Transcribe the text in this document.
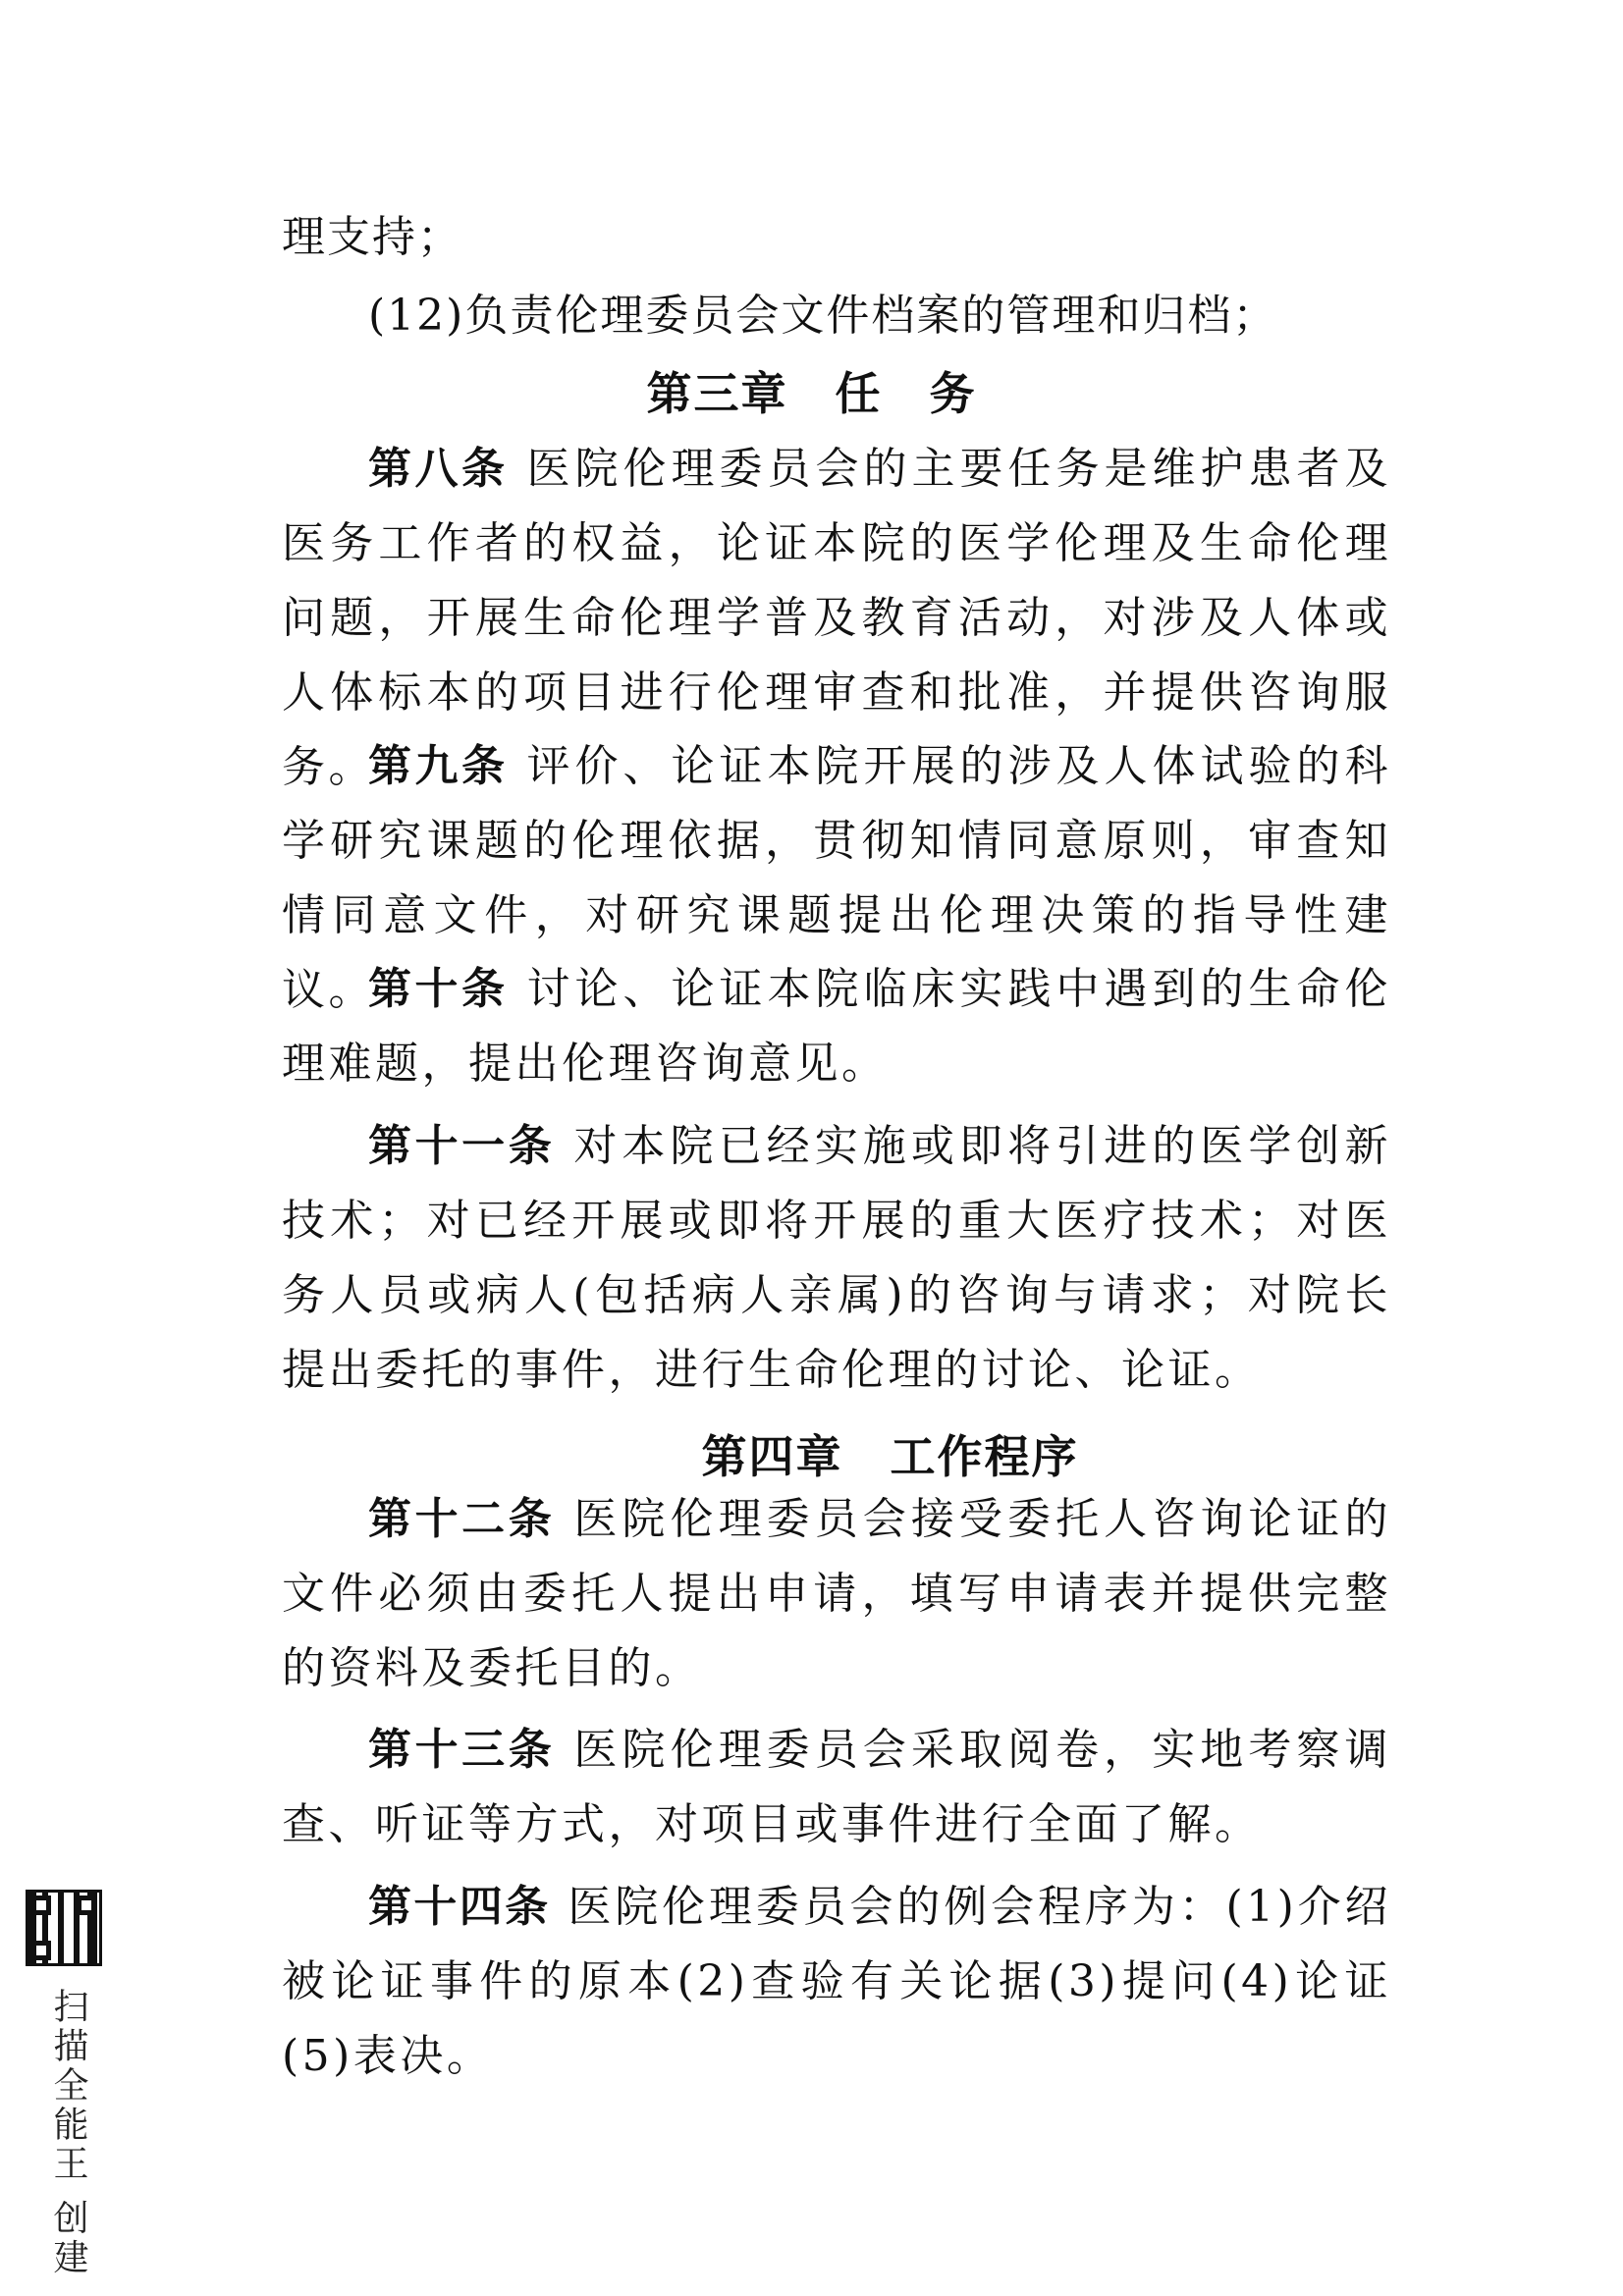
理支持；
(12)负责伦理委员会文件档案的管理和归档；
第三章　任　务
第八条 医院伦理委员会的主要任务是维护患者及医务工作者的权益，论证本院的医学伦理及生命伦理问题，开展生命伦理学普及教育活动，对涉及人体或人体标本的项目进行伦理审查和批准，并提供咨询服务。
第九条 评价、论证本院开展的涉及人体试验的科学研究课题的伦理依据，贯彻知情同意原则，审查知情同意文件，对研究课题提出伦理决策的指导性建议。
第十条 讨论、论证本院临床实践中遇到的生命伦理难题，提出伦理咨询意见。
第十一条 对本院已经实施或即将引进的医学创新技术；对已经开展或即将开展的重大医疗技术；对医务人员或病人(包括病人亲属)的咨询与请求；对院长提出委托的事件，进行生命伦理的讨论、论证。
第四章　工作程序
第十二条 医院伦理委员会接受委托人咨询论证的文件必须由委托人提出申请，填写申请表并提供完整的资料及委托目的。
第十三条 医院伦理委员会采取阅卷，实地考察调查、听证等方式，对项目或事件进行全面了解。
第十四条 医院伦理委员会的例会程序为：(1)介绍被论证事件的原本(2)查验有关论据(3)提问(4)论证(5)表决。
扫描全能王 创建
